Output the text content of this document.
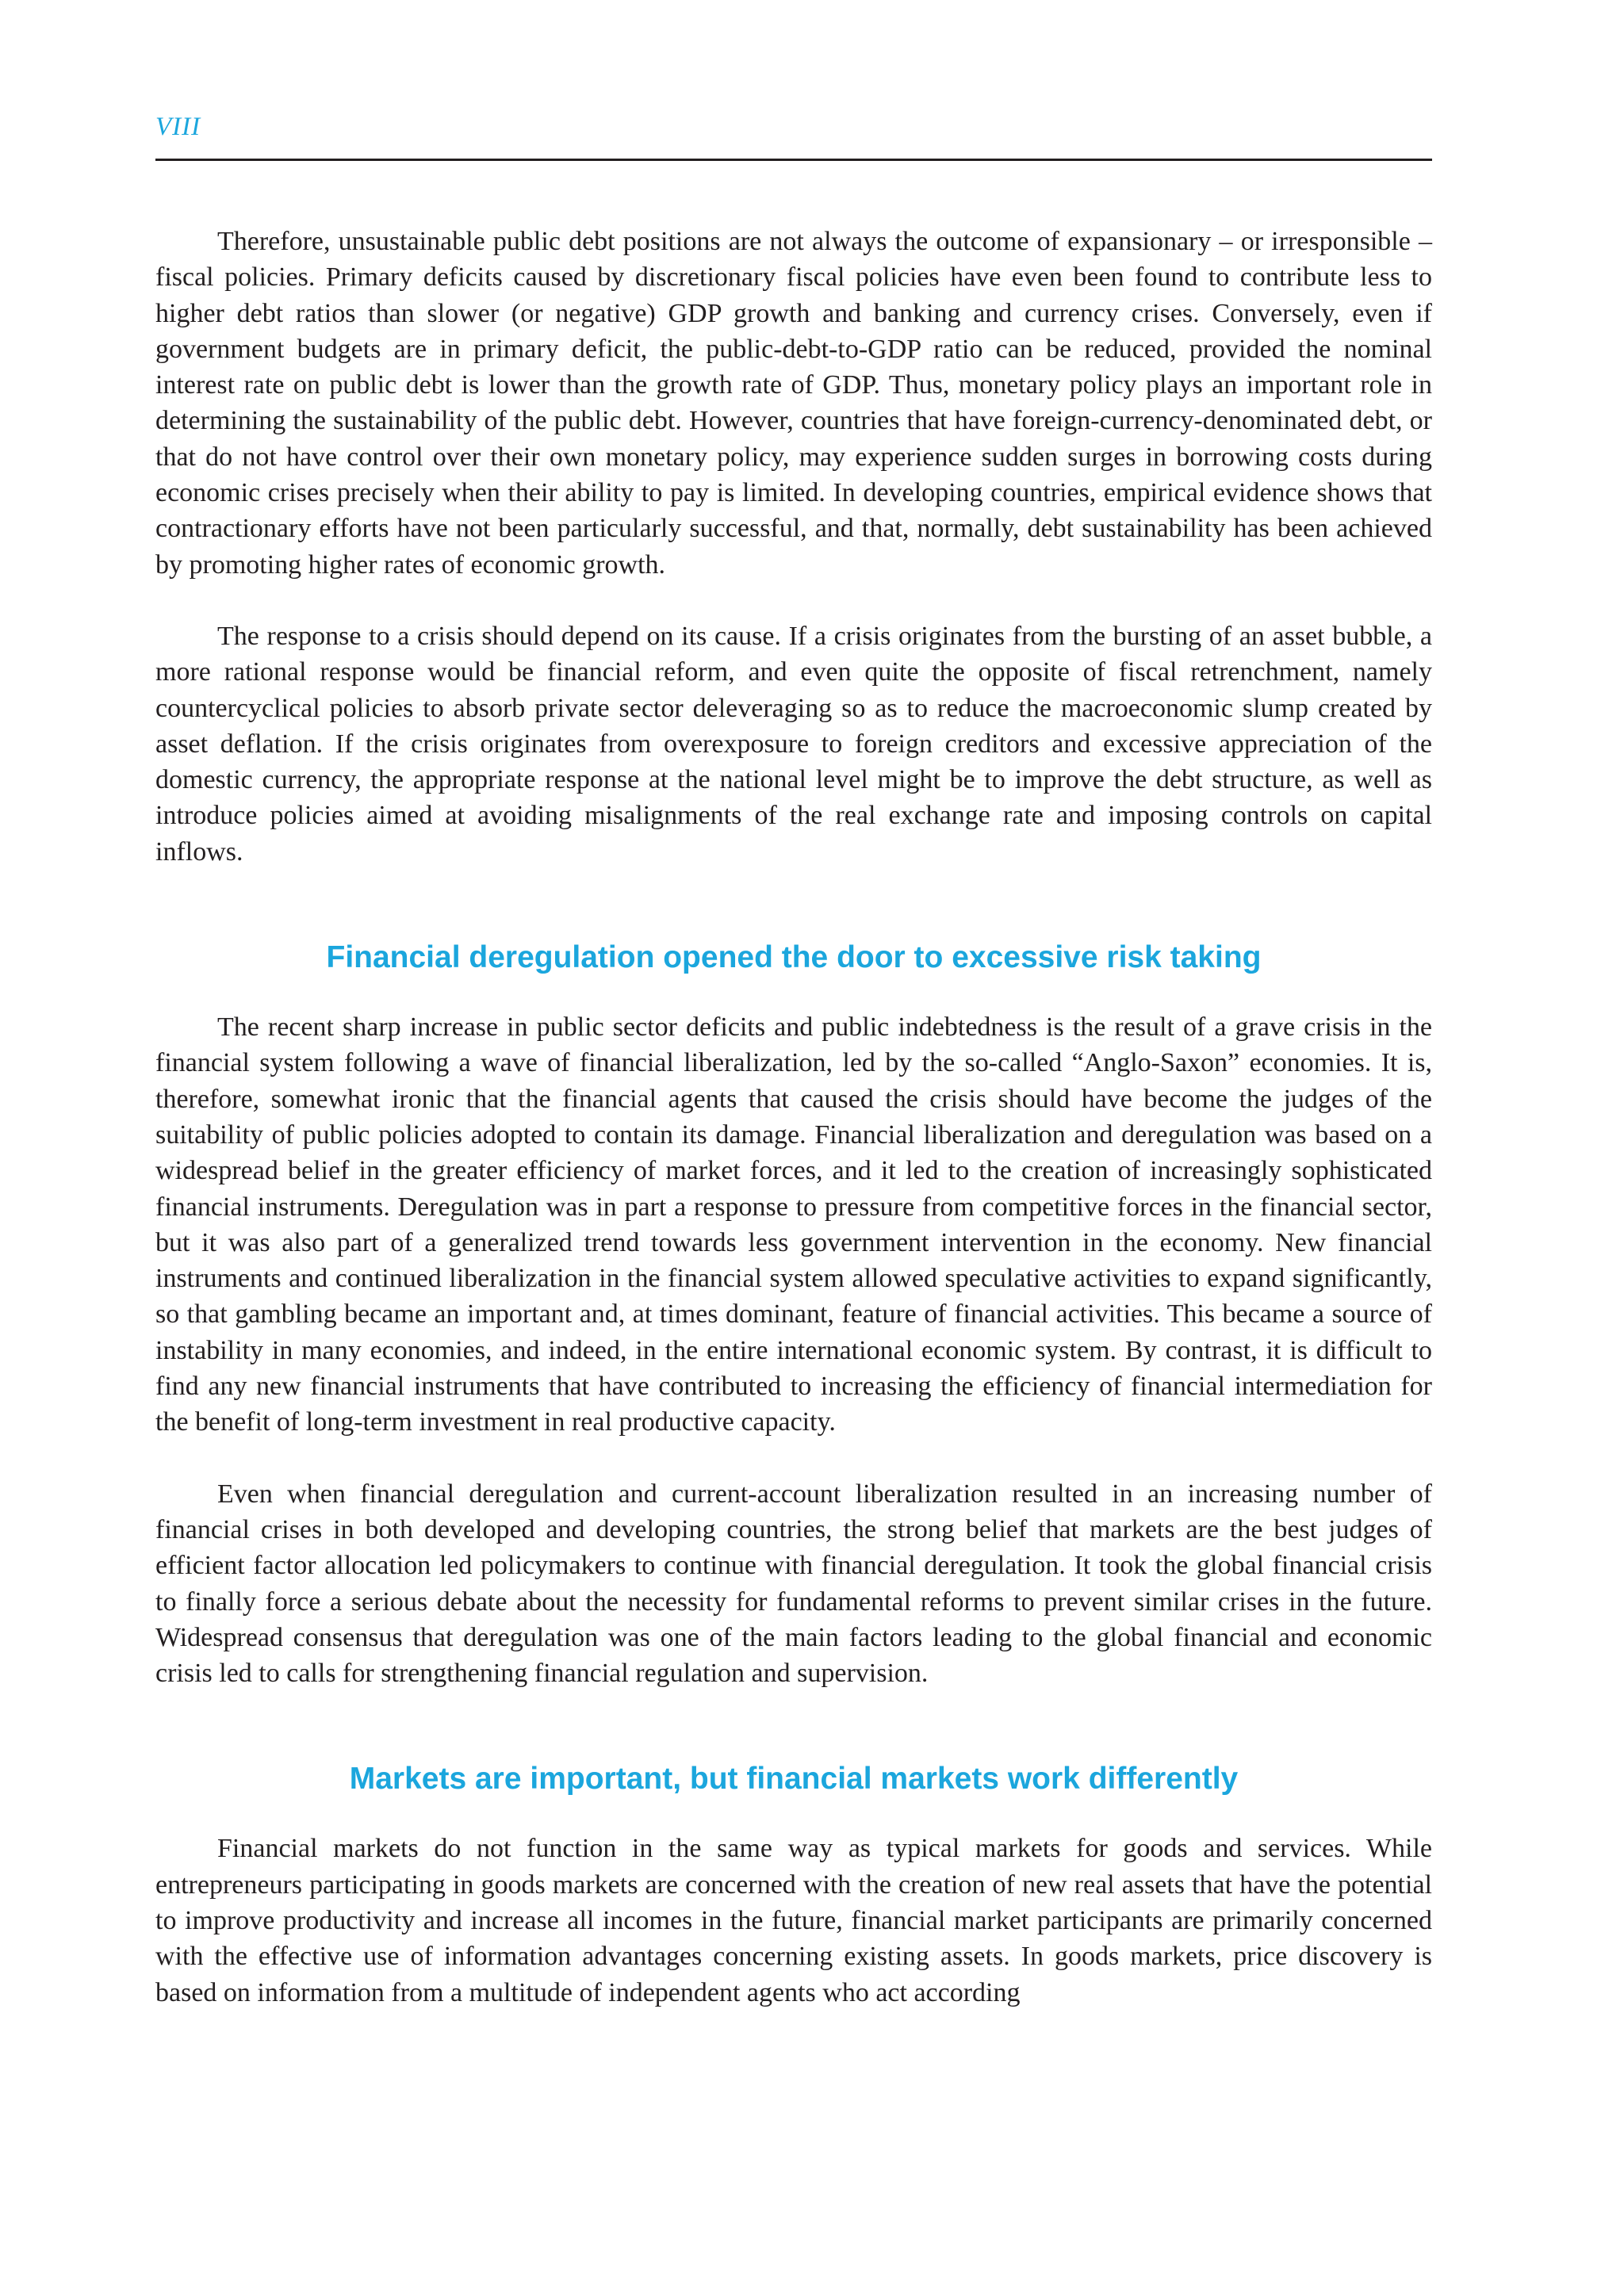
VIII

Therefore, unsustainable public debt positions are not always the outcome of expansionary – or irresponsible – fiscal policies. Primary deficits caused by discretionary fiscal policies have even been found to contribute less to higher debt ratios than slower (or negative) GDP growth and banking and currency crises. Conversely, even if government budgets are in primary deficit, the public-debt-to-GDP ratio can be reduced, provided the nominal interest rate on public debt is lower than the growth rate of GDP. Thus, monetary policy plays an important role in determining the sustainability of the public debt. However, countries that have foreign-currency-denominated debt, or that do not have control over their own monetary policy, may experience sudden surges in borrowing costs during economic crises precisely when their ability to pay is limited. In developing countries, empirical evidence shows that contractionary efforts have not been particularly successful, and that, normally, debt sustainability has been achieved by promoting higher rates of economic growth.

The response to a crisis should depend on its cause. If a crisis originates from the bursting of an asset bubble, a more rational response would be financial reform, and even quite the opposite of fiscal retrenchment, namely countercyclical policies to absorb private sector deleveraging so as to reduce the macroeconomic slump created by asset deflation. If the crisis originates from overexposure to foreign creditors and excessive appreciation of the domestic currency, the appropriate response at the national level might be to improve the debt structure, as well as introduce policies aimed at avoiding misalignments of the real exchange rate and imposing controls on capital inflows.

Financial deregulation opened the door to excessive risk taking

The recent sharp increase in public sector deficits and public indebtedness is the result of a grave crisis in the financial system following a wave of financial liberalization, led by the so-called “Anglo-Saxon” economies. It is, therefore, somewhat ironic that the financial agents that caused the crisis should have become the judges of the suitability of public policies adopted to contain its damage. Financial liberalization and deregulation was based on a widespread belief in the greater efficiency of market forces, and it led to the creation of increasingly sophisticated financial instruments. Deregulation was in part a response to pressure from competitive forces in the financial sector, but it was also part of a generalized trend towards less government intervention in the economy. New financial instruments and continued liberalization in the financial system allowed speculative activities to expand significantly, so that gambling became an important and, at times dominant, feature of financial activities. This became a source of instability in many economies, and indeed, in the entire international economic system. By contrast, it is difficult to find any new financial instruments that have contributed to increasing the efficiency of financial intermediation for the benefit of long-term investment in real productive capacity.

Even when financial deregulation and current-account liberalization resulted in an increasing number of financial crises in both developed and developing countries, the strong belief that markets are the best judges of efficient factor allocation led policymakers to continue with financial deregulation. It took the global financial crisis to finally force a serious debate about the necessity for fundamental reforms to prevent similar crises in the future. Widespread consensus that deregulation was one of the main factors leading to the global financial and economic crisis led to calls for strengthening financial regulation and supervision.

Markets are important, but financial markets work differently

Financial markets do not function in the same way as typical markets for goods and services. While entrepreneurs participating in goods markets are concerned with the creation of new real assets that have the potential to improve productivity and increase all incomes in the future, financial market participants are primarily concerned with the effective use of information advantages concerning existing assets. In goods markets, price discovery is based on information from a multitude of independent agents who act according
